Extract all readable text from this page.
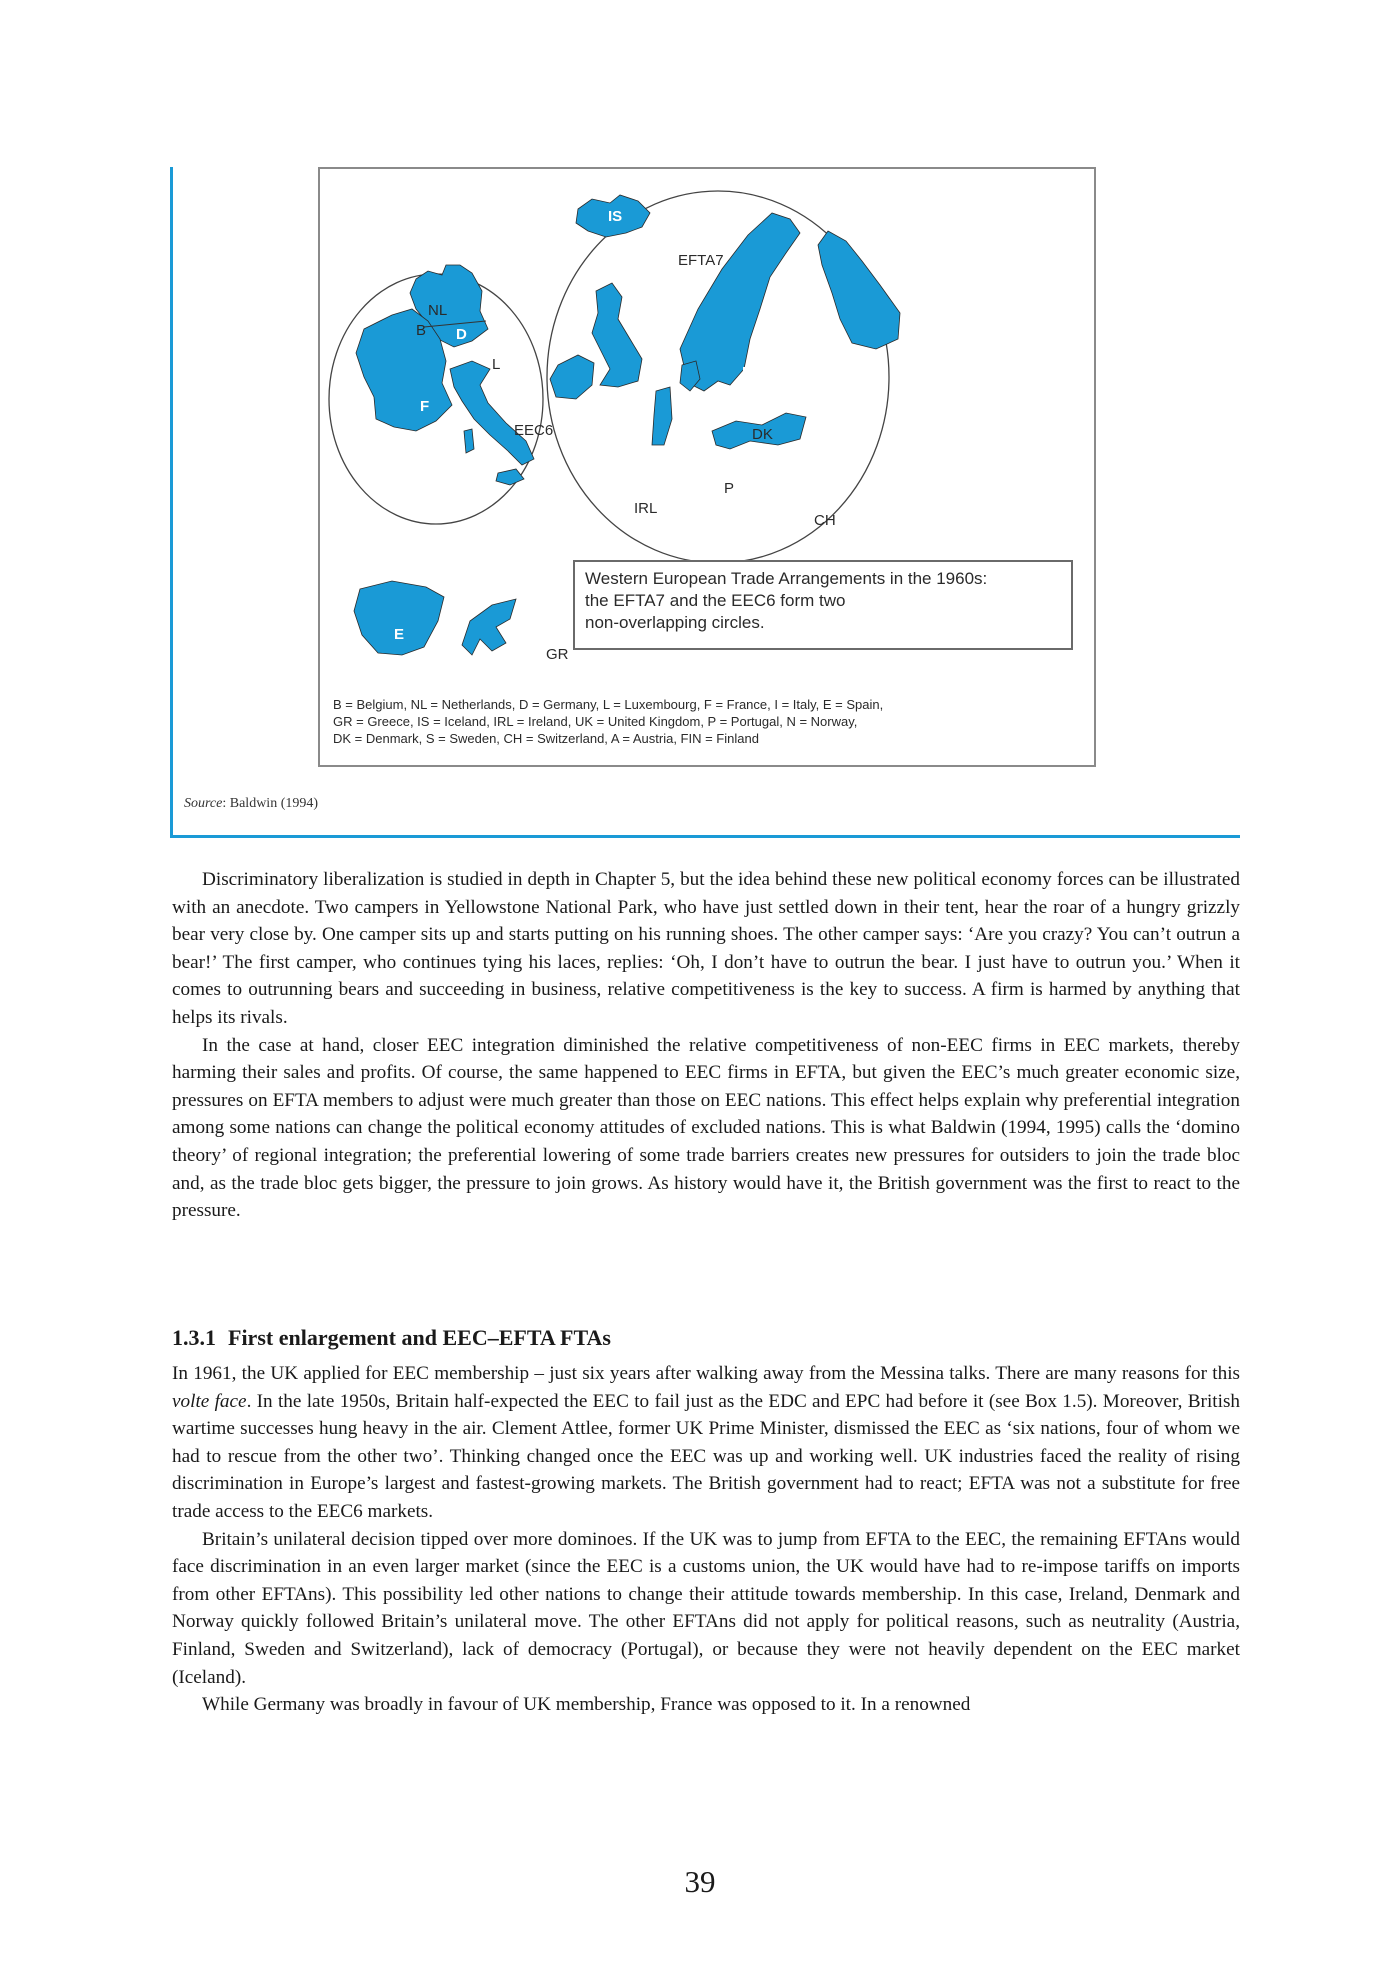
IS
EFTA7
NL
B D
L
F
I	EEC6
N
S
FIN
DK
UK
IRL
P
A
CH
E
GR
Western European Trade Arrangements in the 1960s:
the EFTA7 and the EEC6 form two
non-overlapping circles.
B = Belgium, NL = Netherlands, D = Germany, L = Luxembourg, F = France, I = Italy, E = Spain,
GR = Greece, IS = Iceland, IRL = Ireland, UK = United Kingdom, P = Portugal, N = Norway,
DK = Denmark, S = Sweden, CH = Switzerland, A = Austria, FIN = Finland
Source: Baldwin (1994)

Discriminatory liberalization is studied in depth in Chapter 5, but the idea behind these new political economy forces can be illustrated with an anecdote. Two campers in Yellowstone National Park, who have just settled down in their tent, hear the roar of a hungry grizzly bear very close by. One camper sits up and starts putting on his running shoes. The other camper says: ‘Are you crazy? You can’t outrun a bear!’ The first camper, who continues tying his laces, replies: ‘Oh, I don’t have to outrun the bear. I just have to outrun you.’ When it comes to outrunning bears and succeeding in business, relative competitiveness is the key to success. A firm is harmed by anything that helps its rivals.

In the case at hand, closer EEC integration diminished the relative competitiveness of non-EEC firms in EEC markets, thereby harming their sales and profits. Of course, the same happened to EEC firms in EFTA, but given the EEC’s much greater economic size, pressures on EFTA members to adjust were much greater than those on EEC nations. This effect helps explain why preferential integration among some nations can change the political economy attitudes of excluded nations. This is what Baldwin (1994, 1995) calls the ‘domino theory’ of regional integration; the preferential lowering of some trade barriers creates new pressures for outsiders to join the trade bloc and, as the trade bloc gets bigger, the pressure to join grows. As history would have it, the British government was the first to react to the pressure.

1.3.1 First enlargement and EEC–EFTA FTAs

In 1961, the UK applied for EEC membership – just six years after walking away from the Messina talks. There are many reasons for this volte face. In the late 1950s, Britain half-expected the EEC to fail just as the EDC and EPC had before it (see Box 1.5). Moreover, British wartime successes hung heavy in the air. Clement Attlee, former UK Prime Minister, dismissed the EEC as ‘six nations, four of whom we had to rescue from the other two’. Thinking changed once the EEC was up and working well. UK industries faced the reality of rising discrimination in Europe’s largest and fastest-growing markets. The British government had to react; EFTA was not a substitute for free trade access to the EEC6 markets.

Britain’s unilateral decision tipped over more dominoes. If the UK was to jump from EFTA to the EEC, the remaining EFTAns would face discrimination in an even larger market (since the EEC is a customs union, the UK would have had to re-impose tariffs on imports from other EFTAns). This possibility led other nations to change their attitude towards membership. In this case, Ireland, Denmark and Norway quickly followed Britain’s unilateral move. The other EFTAns did not apply for political reasons, such as neutrality (Austria, Finland, Sweden and Switzerland), lack of democracy (Portugal), or because they were not heavily dependent on the EEC market (Iceland).

While Germany was broadly in favour of UK membership, France was opposed to it. In a renowned

39
